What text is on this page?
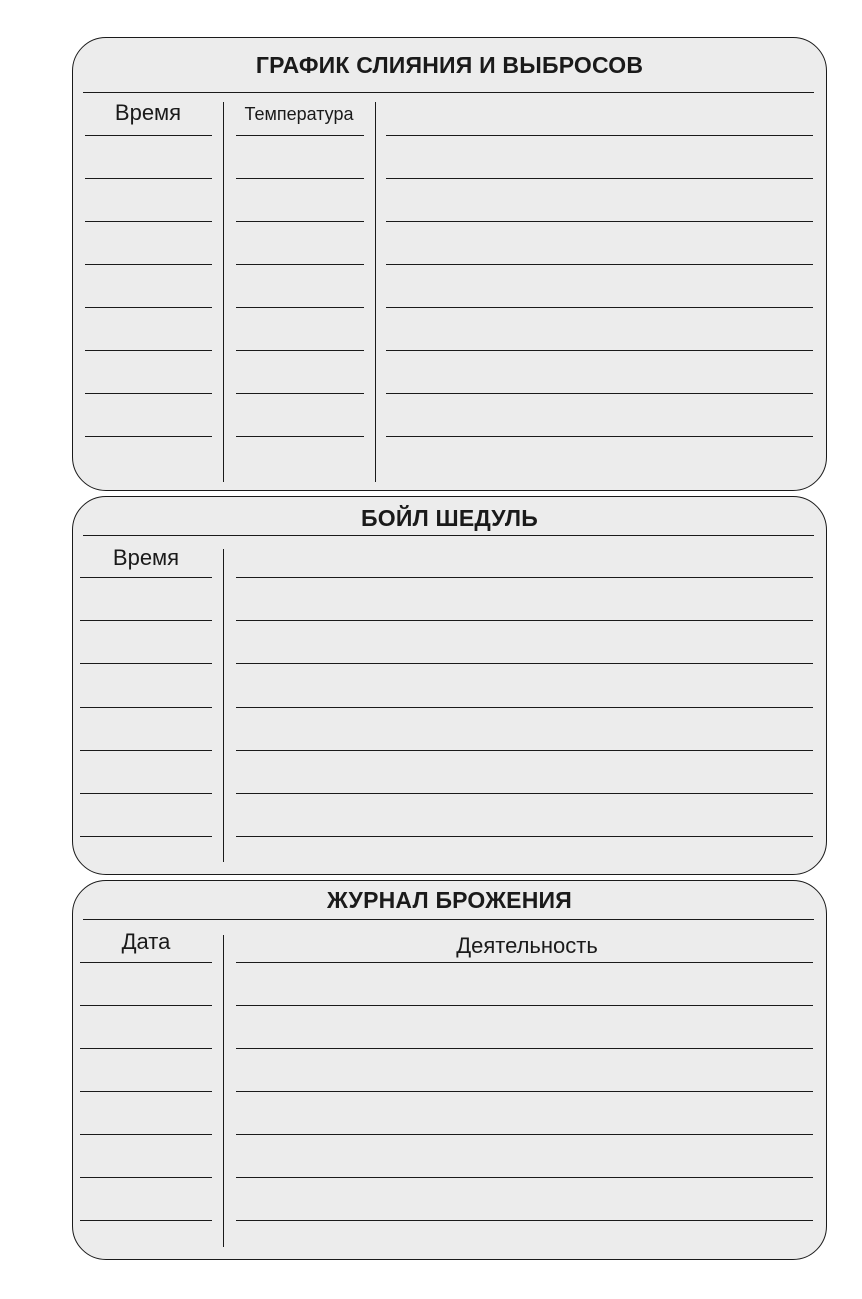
ГРАФИК СЛИЯНИЯ И ВЫБРОСОВ
Время	Температура
БОЙЛ ШЕДУЛЬ
Время
ЖУРНАЛ БРОЖЕНИЯ
Дата	Деятельность
